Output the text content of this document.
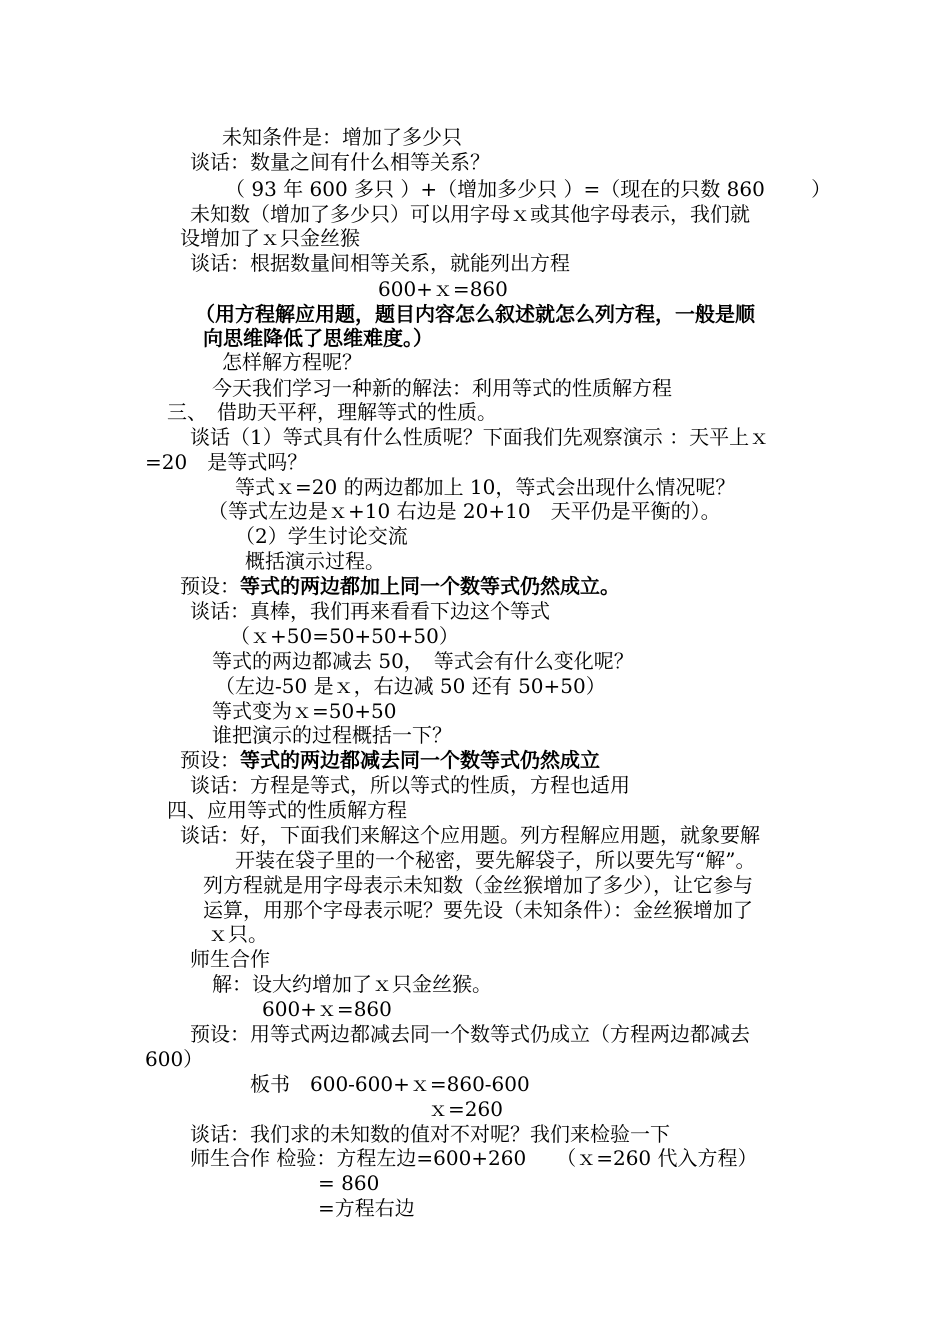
未知条件是：增加了多少只
谈话：数量之间有什么相等关系？
（ 93 年 600 多只 ）+（增加多少只 ）=（现在的只数 860　　 ）
未知数（增加了多少只）可以用字母ｘ或其他字母表示，我们就
设增加了ｘ只金丝猴
谈话：根据数量间相等关系，就能列出方程
600+ｘ=860
（用方程解应用题，题目内容怎么叙述就怎么列方程，一般是顺
向思维降低了思维难度。）
怎样解方程呢？
今天我们学习一种新的解法：利用等式的性质解方程
三、　借助天平秤，理解等式的性质。
谈话（1）等式具有什么性质呢？下面我们先观察演示 ：天平上ｘ
=20　是等式吗？
等式ｘ=20 的两边都加上 10，等式会出现什么情况呢？
（等式左边是ｘ+10 右边是 20+10　天平仍是平衡的）。
（2）学生讨论交流
概括演示过程。
预设：等式的两边都加上同一个数等式仍然成立。
谈话：真棒，我们再来看看下边这个等式
（ｘ+50=50+50+50）
等式的两边都减去 50，　等式会有什么变化呢？
（左边-50 是ｘ，右边减 50 还有 50+50）
等式变为ｘ=50+50
谁把演示的过程概括一下？
预设：等式的两边都减去同一个数等式仍然成立
谈话：方程是等式，所以等式的性质，方程也适用
四、应用等式的性质解方程
谈话：好，下面我们来解这个应用题。列方程解应用题，就象要解
开装在袋子里的一个秘密，要先解袋子，所以要先写“解”。
列方程就是用字母表示未知数（金丝猴增加了多少），让它参与
运算，用那个字母表示呢？要先设（未知条件）：金丝猴增加了
ｘ只。
师生合作
解：设大约增加了ｘ只金丝猴。
600+ｘ=860
预设：用等式两边都减去同一个数等式仍成立（方程两边都减去
600）
板书　600-600+ｘ=860-600
ｘ=260
谈话：我们求的未知数的值对不对呢？我们来检验一下
师生合作 检验：方程左边=600+260　　（ｘ=260 代入方程）
= 860
=方程右边
